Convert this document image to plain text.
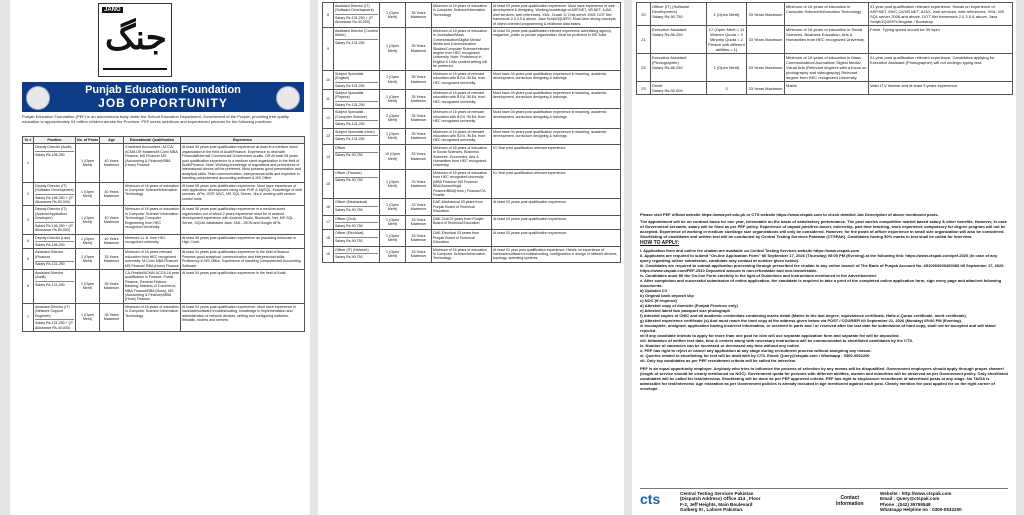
JANG
جنگ
Punjab Education Foundation
JOB OPPORTUNITY
Punjab Education Foundation (PEF) is an autonomous body under the School Education Department, Government of the Punjab, providing free quality education to approximately 04 million children across the Province. PEF seeks ambitious and experienced persons for the following positions:
Sr #	Position	No. of Posts	Age	Educational/ Qualification	Experience
1	Deputy Director (Audit)
Salary Rs.196,250	1 (Open Merit)	40 Years Maximum	Chartered Accountant / ACCA/ ACMA OR Masters/M.Com/ MBA Finance, MS Finance/ MS (Accounting & Finance)/BBA (Hons) Finance	At least 05 years post qualification experience at least in a medium sized organization in the field of Audit/Finance. Experience to deal with Financial/Internal/ Commercial/ Government Audits. OR At least 08 years post qualification experience in a medium sized organization in the field of Audit/Finance. Note: Working knowledge of regulations and procedures of international donors will be preferred. Must possess good presentation and analytical skills. Team communication, interpersonal skills and expertise in handling computerized accounting software & MS Office.
2	Deputy Director (IT) (Software Development)
Salary Rs.196,250 + (IT Allowance Rs.50,000)	1 (Open Merit)	40 Years Maximum	Minimum of 16 years of education in Computer Science/Information Technology	At least 08 years post qualification experience. Must have experience of web application development using core PHP & MySQL. Knowledge of web services, APIs, OOP, MVC, MS SQL Server, Jira & working with version control tools.
3	Deputy Director (IT) (Android Application Developer)
Salary Rs.196,250 + (IT Allowance Rs.50,000)	1 (Open Merit)	40 Years Maximum	Minimum of 16 years of education in Computer Science/ Information Technology/ Computer Engineering from HEC recognized University.	At least 08 years post qualification experience in a medium sized organization out of which 2 years experience must be of android development experience with Android Studio, Bluetooth, Net, MS SQL Server, SQLite databases Java, XML, JSON and Google APIs.
4	Deputy Director (Law)
Salary Rs.196,250	1 (Open Merit)	40 Years Maximum	Minimum LL.B. from HEC recognized university	At least 08 years post qualification experience as practicing Advocate in High Court.
5	Assistant Director (Finance)
Salary Rs.131,250	2 (Open Merit)	35 Years Maximum	Minimum of 16 years relevant education from HEC recognized university: M.Com/ MBA Finance/ MS Finance/ BBA (Hons) Finance	At least 04 years post qualification experience in the field of finance. Possess good analytical, communication and interpersonal skills. Proficiency in MS Office. Experience of handling Computerized Accounting Software.
6	Assistant Director (Audit)
Salary Rs.131,250	1 (Open Merit)	35 Years Maximum	CA-Finalist/ACMA/ ACCA-16 year qualification in Finance, Public Finance, General Finance, Banking, Masters of Commerce, MBA Finance/BBA (Hons), MS (Accounting & Finance)/MBA (Hons) Finance	At least 04 years post qualification experience in the field of Audit.
7	Assistant Director (IT) (Network Support Engineer)
Salary Rs.131,250 + (IT Allowance Rs.40,000)	1 (Open Merit)	35 Years Maximum	Minimum of 16 years of education in Computer Science/ Information Technology	At least 04 years post qualification experience. Must have experience in hardware/software troubleshooting, knowledge in implementation and administration of network devices, setting and configuring switches, firewalls, routers and servers.
8	Assistant Director (IT) (Software Development)
Salary Rs.131,250 + (IT Allowance Rs.40,000)	1 (Open Merit)	35 Years Maximum	Minimum of 16 years of education in Computer Science/Information Technology	At least 04 years post qualification experience. Must have experience of web development & designing. Working knowledge of ASP.NET, VB.NET, AJAX, web services, web references, XML, Oracle 11 Crist server 2005, DOT Net framework 2.0,3.5 & above. Java Script/JQUERY. Must have strong concepts of object oriented programming & relational data bases.
9	Assistant Director (Content Writer)
Salary Rs.131,250	1 (Open Merit)	35 Years Maximum	Minimum of 16 years of education in Journalism/Mass Communication/Digital Media/ Media and Communication Studies/Computer Science/relevant degree from HEC recognized University. Note: Proficiency in English & Urdu content writing will be preferred.	At least 04 years post qualification relevant experience advertising agency, magazine, public or private organization. Must be proficient in MS Suite.
10	Subject Specialist (English)
Salary Rs.131,250	1 (Open Merit)	35 Years Maximum	Minimum of 16 years of relevant education with B.Ed. /M.Ed. from HEC recognized university.	Must have 04 years post qualification experience in teaching, academic development, curriculum designing & trainings.
11	Subject Specialist (Physics)
Salary Rs.131,250	1 (Open Merit)	35 Years Maximum	Minimum of 16 years of relevant education with B.Ed. /M.Ed. from HEC recognized university.	Must have 04 years post qualification experience in teaching, academic development, curriculum designing & trainings.
12	Subject Specialist (Computer Science)
Salary Rs.131,250	2 (Open Merit)	35 Years Maximum	Minimum of 16 years of relevant education with B.Ed. /M.Ed. from HEC recognized university.	Must have 04 years post qualification experience in teaching, academic development, curriculum designing & trainings.
13	Subject Specialist (Urdu)
Salary Rs.131,250	1 (Open Merit)	35 Years Maximum	Minimum of 16 years of relevant education with B.Ed. /M.Ed. from HEC recognized university.	Must have 04 years post qualification experience in teaching, academic development, curriculum designing & trainings.
14	Officer
Salary Rs.90,750	10 (Open Merit)	33 Years Maximum	Minimum of 16 years of education in Social Sciences, Business Sciences, Economics, Arts & Humanities from HEC recognized University.	01 Year post qualification relevant experience.
15	Officer (Finance)
Salary Rs.90,750	1 (Open Merit)	33 Years Maximum	Minimum of 16 years of education from HEC recognized university (MBA Finance/ MS Finance/ BBA/Accounting& Finance/BBA(Hons.) Finance/CA Finalist	01 Year post qualification relevant experience.
16	Officer (Mechanical)
Salary Rs.90,750	1 (Open Merit)	33 Years Maximum	DAE-Mechanical 03 years from Punjab Board of Technical Education	At least 03 years post qualification experience.
17	Officer (Civil)
Salary Rs.90,750	1 (Open Merit)	33 Years Maximum	DAE-Civil 03 years from Punjab Board of Technical Education	At least 03 years post qualification experience.
18	Officer (Electrical)
Salary Rs.90,750	1 (Open Merit)	33 Years Maximum	DAE-Electrical 03 years from Punjab Board of Technical Education	At least 03 years post qualification experience.
19	Officer (IT) (Network)
Salary Rs.90,750	1 (Open Merit)	33 Years Maximum	Minimum of 16 years of education in Computer Science/Information Technology	At least 01 year post qualification experience. Hands on experience of hardware/software troubleshooting, configuration & design of network devices, topology, operating systems.
20	Officer (IT) (Software Development)
Salary Rs.90,750	1 (Open Merit)	33 Years Maximum	Minimum of 16 years of education in Computer Science/Information Technology	01 year post qualification relevant experience. Hands on experience of ASP.NET, MVC,C#/VB.NET, AJAX, web services, web references, XML, MS SQL server 2008 and above, DOT Net framework 2.0,3.5 & above, Java Script/JQUERY/Angular / Bootstrap.
21	Executive Assistant
Salary Rs.86,250	17 (Open Merit = 11 Women Quota = 3 Minority Quota = 2 Person with different abilities = 1)	33 Years Maximum	Minimum of 16 years of education in Social Sciences, Business Education, Arts & Humanities from HEC recognized University.	Fresh. Typing speed should be 35 wpm
22	Executive Assistant (Photographer)
Salary Rs.86,250	1 (Open Merit)	33 Years Maximum	Minimum of 16 years of education in Mass Communication/Journalism/ Digital Media/ Visual Arts (Relevant degrees with a focus on photography and videography) Relevant degree from HEC recognized University.	01 year post qualification relevant experience. Candidates applying for Executive Assistant (Photographer) will not undergo typing test.
23	Driver
Salary Rs.50,000	3	33 Years Maximum	Matric	Valid LTV license and at least 3 years experience.

Please visit PEF official website https://www.pef.edu.pk or CTS website https://www.ctspak.com to check detailed Job Description of above mentioned posts.

The appointment will be on contract basis for one year, extendable on the basis of satisfactory performance. The post carries competitive market based salary & other benefits. However, in case of Government servants, salary will be fixed as per PEF policy. Experience of unpaid jobs/free-lancer, internship, part time teaching, work experience compulsory for degree program will not be accepted. Experience of working in medium size/large size organizations will only be considered. However, for the posts of officer experience in small size organization will also be considered. Shortlisting of candidates and written test will be conducted by Central Testing Services Pakistan (CTSPAK). Candidates having 50% marks in test shall be called for interview.

HOW TO APPLY:
i. Application form and online fee challan are available on Central Testing Services website https://www.ctspak.com
ii. Applicants are required to submit "On-line Application Form" till September 17, 2026 (Thursday) 05:00 PM (Evening) at the following link: https://www.ctspak.com/pef-2026 (In case of any query regarding online submission, candidate may contact at number given below).
iii. Candidates are required to submit application processing through prescribed fee challan in any online branch of The Bank of Punjab Account No. 6510003000400083 till September 17, 2026. https://www.ctspak.com/PEF-2510 Deposited amount is non-refundable and non-transferable.
iv. Candidates must fill the On-line Form carefully in the light of Guidelines and Instructions mentioned in the Advertisement.
v. After completion and successful submission of online application, the candidate is required to take a print of the completed online application form, sign every page and attached following documents:
a) Updated CV
b) Original bank deposit slip
c) NOC (if required)
d) Attested copy of domicile (Punjab Province only)
e) Attested latest two passport size photograph
f) Attested copies of CNIC and all academic credentials containing marks detail (Matric to the last degree, equivalence certificate, Hafiz-e-Quran certificate, merit certificate).
g) Attested experience certificate (s) And must reach the hard copy at the address given below via POST / COURIER till September 21, 2026 (Monday) 05:00 PM (Evening).
vi Incomplete, unsigned, application having incorrect information, or received in parts and / or received after the last date for submission of hard copy, shall not be accepted and will stand rejected.
vii If any candidate intends to apply for more than one post he /she will use separate application form and separate fee will be deposited.
viii. Intimation of written test date, time & centers along with necessary instructions will be communicated to shortlisted candidates by the CTS.
ix. Number of vacancies can be increased or decreased any time without any notice.
x. PEF has right to reject or cancel any application at any stage during recruitment process without assigning any reason.
xi. Queries related to shortlisting for test will be dealt with by CTS. Email: Query@ctspak.com / Whatsapp : 0300-0532200
xii. Only top candidates as per PEF recruitment criteria will be called for interview.

PEF is an equal opportunity employer. Anybody who tries to influence the process of selection by any means will be disqualified. Government employees should apply through proper channel (length of service should be clearly mentioned on NOC). Government quota for persons with different abilities, women and minorities will be observed as per Government policy. Only shortlisted candidates will be called for test/interview. Shortlisting will be done as per PEF approved criteria. PEF has right to stop/cancel recruitment of advertised posts at any stage. No TA/DA is admissible for test/interview. Age relaxation as per Government policies is already included in age mentioned against each post. Clearly mention the post applied for on the right corner of envelope.

cts	Central Testing Services Pakistan
(Dispatch Address) Office 414 , Floor
F-2, Jeff Heights, Main Boulevard
Gulberg III , Lahore Pakistan.
Contact
Information
Website : http://www.ctspak.com
Email : Query@ctspak.com
Phone : (042) 35755548
Whatsapp Helpline no : 0300-0532200
